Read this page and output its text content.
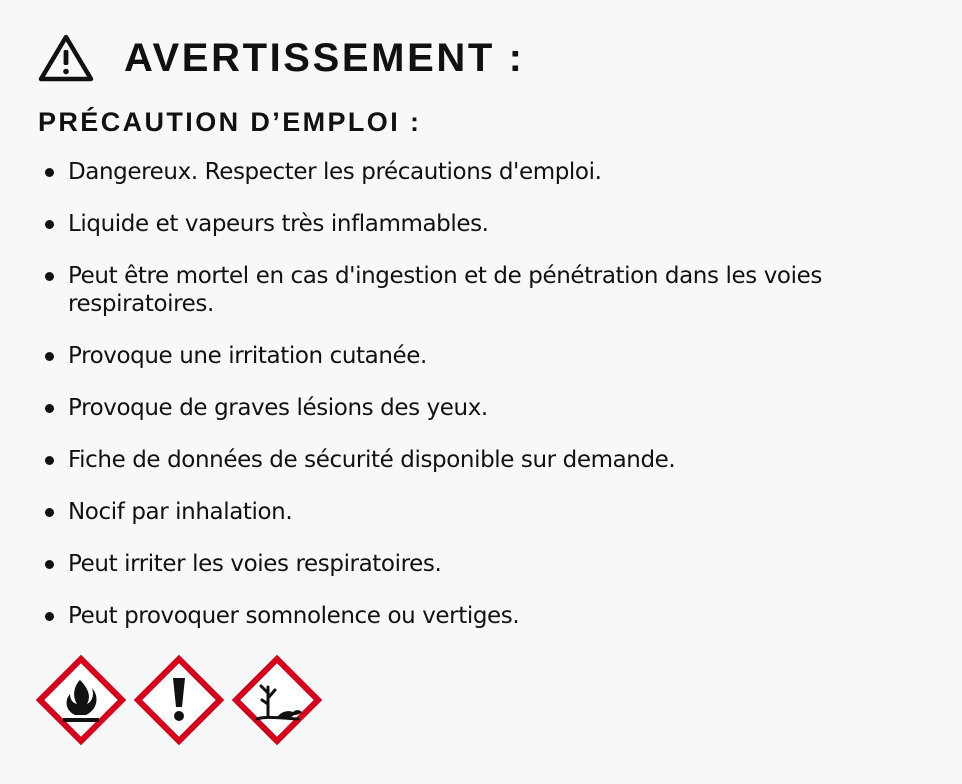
AVERTISSEMENT :
PRÉCAUTION D’EMPLOI :
Dangereux. Respecter les précautions d'emploi.
Liquide et vapeurs très inflammables.
Peut être mortel en cas d'ingestion et de pénétration dans les voies respiratoires.
Provoque une irritation cutanée.
Provoque de graves lésions des yeux.
Fiche de données de sécurité disponible sur demande.
Nocif par inhalation.
Peut irriter les voies respiratoires.
Peut provoquer somnolence ou vertiges.
